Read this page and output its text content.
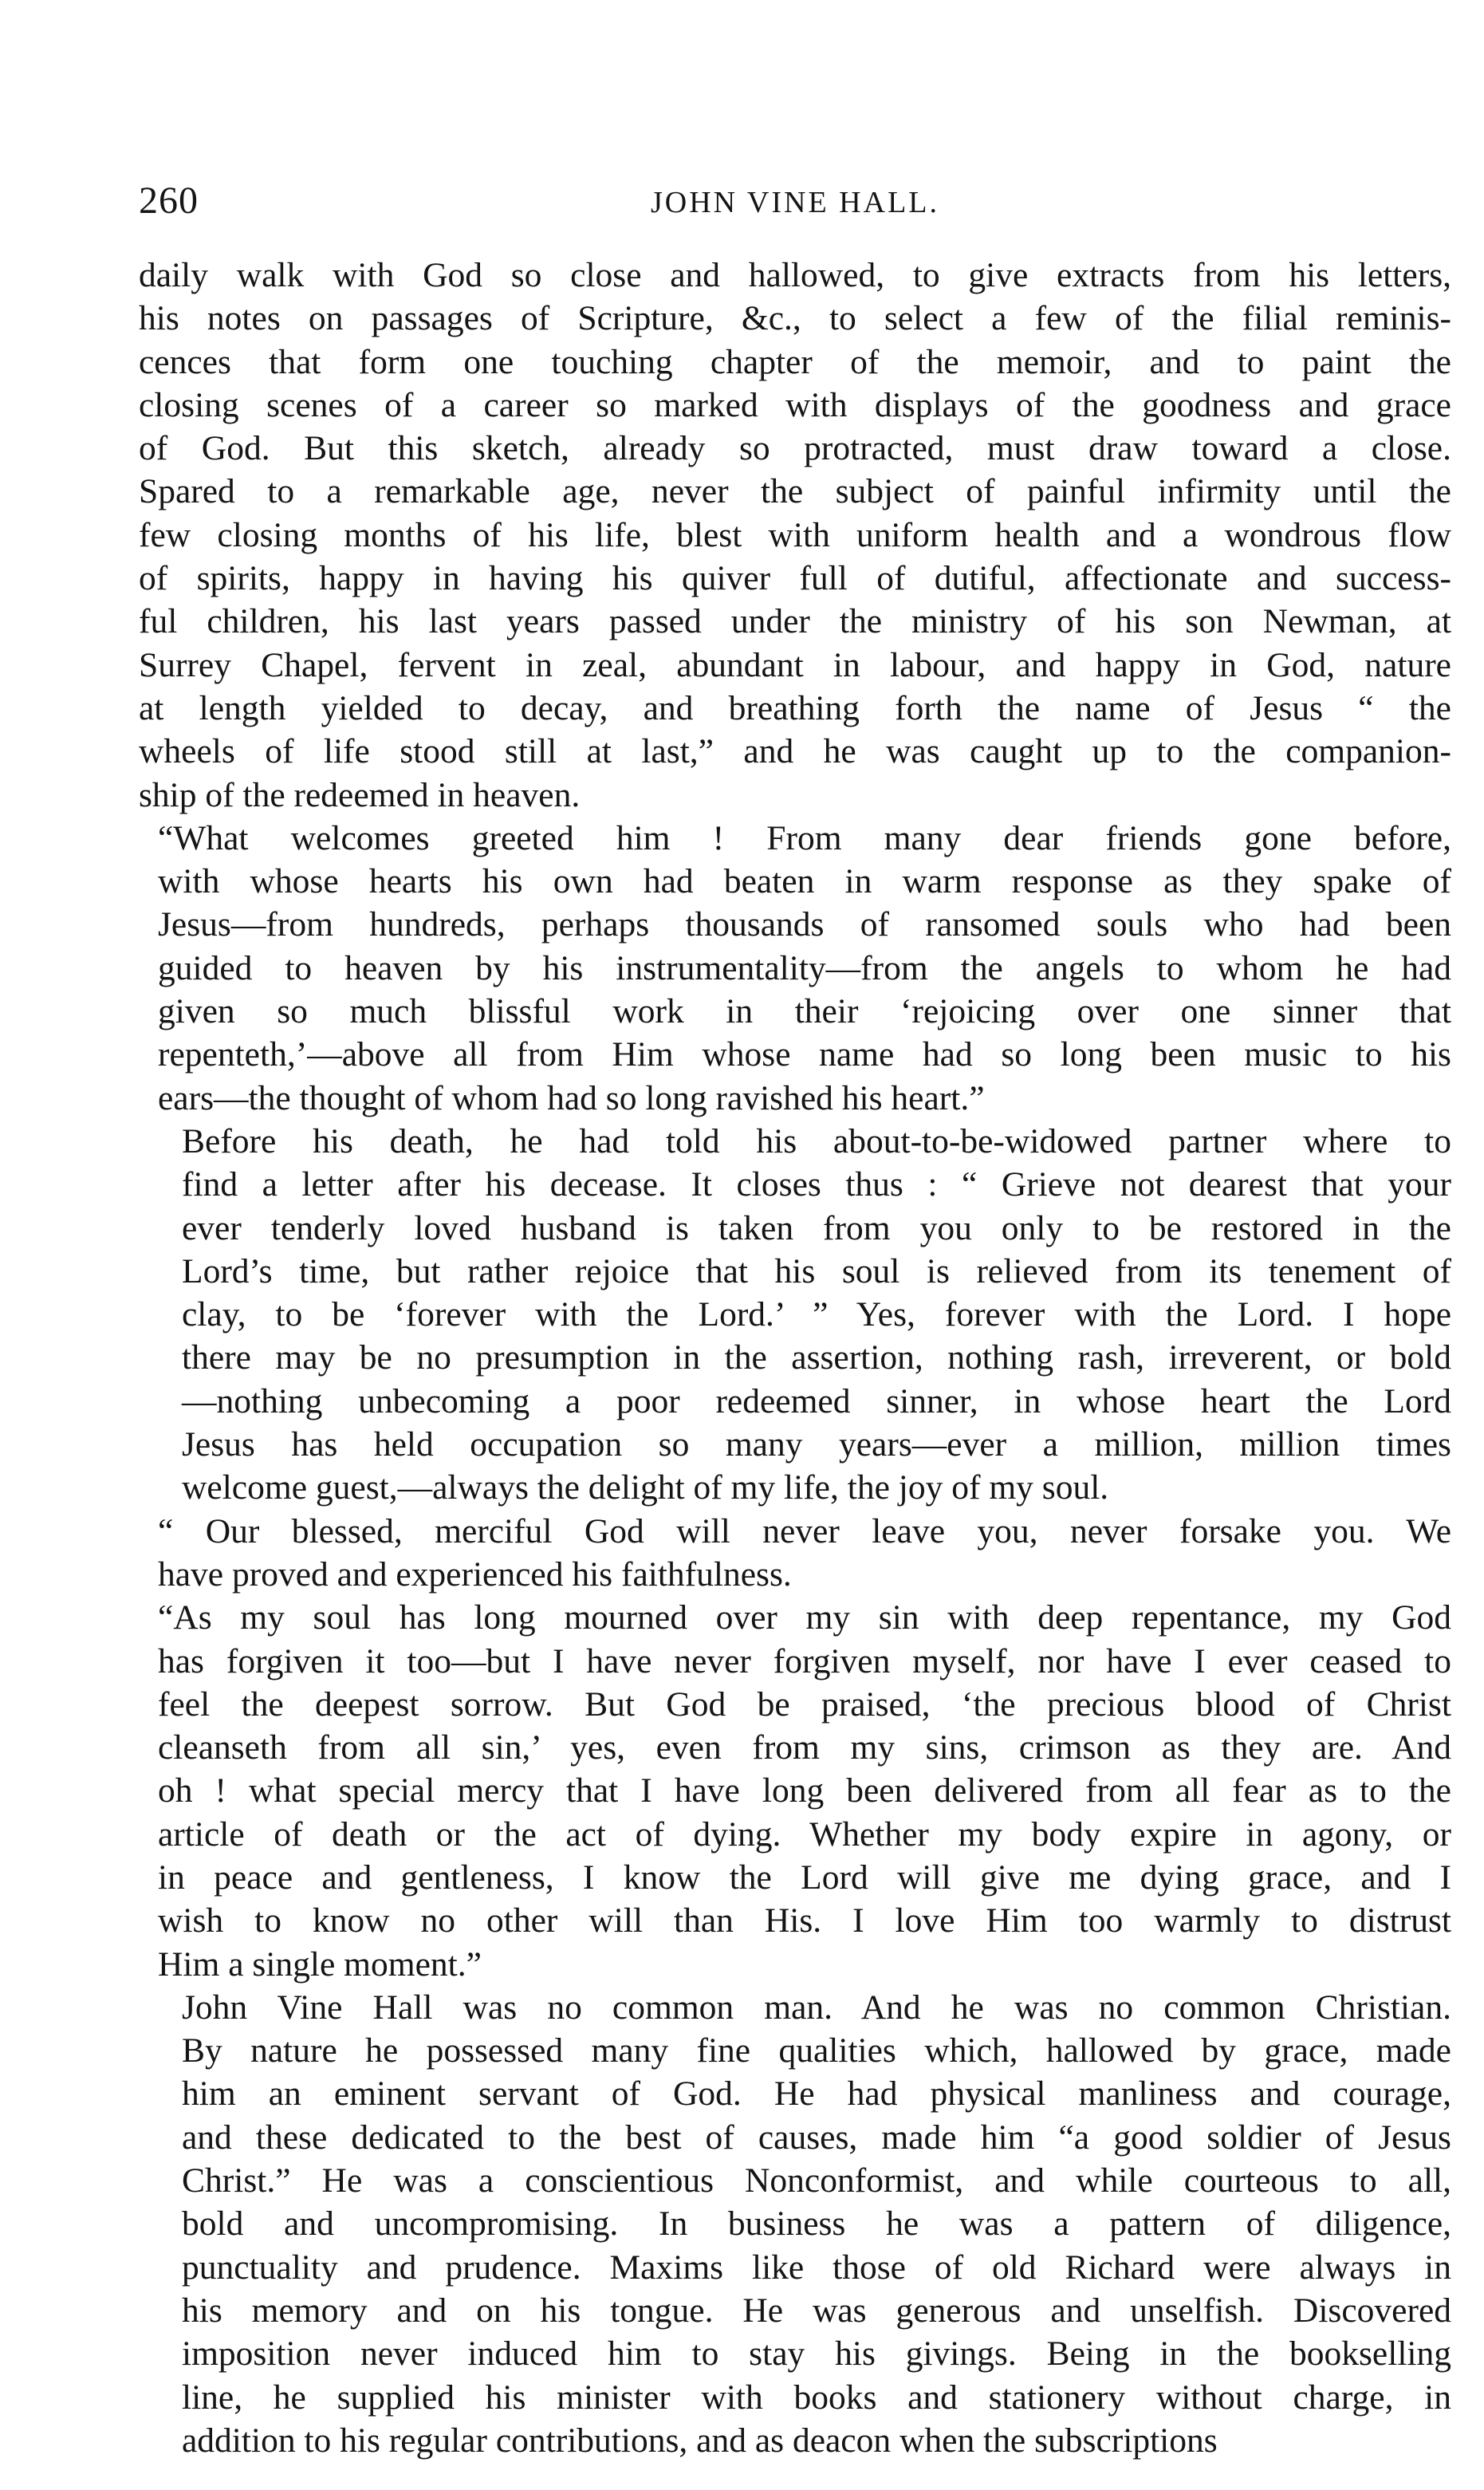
260	JOHN VINE HALL.

daily walk with God so close and hallowed, to give extracts from his letters,
his notes on passages of Scripture, &c., to select a few of the filial reminis-
cences that form one touching chapter of the memoir, and to paint the
closing scenes of a career so marked with displays of the goodness and grace
of God. But this sketch, already so protracted, must draw toward a close.
Spared to a remarkable age, never the subject of painful infirmity until the
few closing months of his life, blest with uniform health and a wondrous flow
of spirits, happy in having his quiver full of dutiful, affectionate and success-
ful children, his last years passed under the ministry of his son Newman, at
Surrey Chapel, fervent in zeal, abundant in labour, and happy in God, nature
at length yielded to decay, and breathing forth the name of Jesus “ the
wheels of life stood still at last,” and he was caught up to the companion-
ship of the redeemed in heaven.

“What welcomes greeted him ! From many dear friends gone before,
with whose hearts his own had beaten in warm response as they spake of
Jesus—from hundreds, perhaps thousands of ransomed souls who had been
guided to heaven by his instrumentality—from the angels to whom he had
given so much blissful work in their ‘rejoicing over one sinner that
repenteth,’—above all from Him whose name had so long been music to his
ears—the thought of whom had so long ravished his heart.”

Before his death, he had told his about-to-be-widowed partner where to
find a letter after his decease. It closes thus : “ Grieve not dearest that your
ever tenderly loved husband is taken from you only to be restored in the
Lord’s time, but rather rejoice that his soul is relieved from its tenement of
clay, to be ‘forever with the Lord.’ ” Yes, forever with the Lord. I hope
there may be no presumption in the assertion, nothing rash, irreverent, or bold
—nothing unbecoming a poor redeemed sinner, in whose heart the Lord
Jesus has held occupation so many years—ever a million, million times
welcome guest,—always the delight of my life, the joy of my soul.

“ Our blessed, merciful God will never leave you, never forsake you. We
have proved and experienced his faithfulness.

“As my soul has long mourned over my sin with deep repentance, my God
has forgiven it too—but I have never forgiven myself, nor have I ever ceased to
feel the deepest sorrow. But God be praised, ‘the precious blood of Christ
cleanseth from all sin,’ yes, even from my sins, crimson as they are. And
oh ! what special mercy that I have long been delivered from all fear as to the
article of death or the act of dying. Whether my body expire in agony, or
in peace and gentleness, I know the Lord will give me dying grace, and I
wish to know no other will than His. I love Him too warmly to distrust
Him a single moment.”

John Vine Hall was no common man. And he was no common Christian.
By nature he possessed many fine qualities which, hallowed by grace, made
him an eminent servant of God. He had physical manliness and courage,
and these dedicated to the best of causes, made him “a good soldier of Jesus
Christ.” He was a conscientious Nonconformist, and while courteous to all,
bold and uncompromising. In business he was a pattern of diligence,
punctuality and prudence. Maxims like those of old Richard were always in
his memory and on his tongue. He was generous and unselfish. Discovered
imposition never induced him to stay his givings. Being in the bookselling
line, he supplied his minister with books and stationery without charge, in
addition to his regular contributions, and as deacon when the subscriptions
